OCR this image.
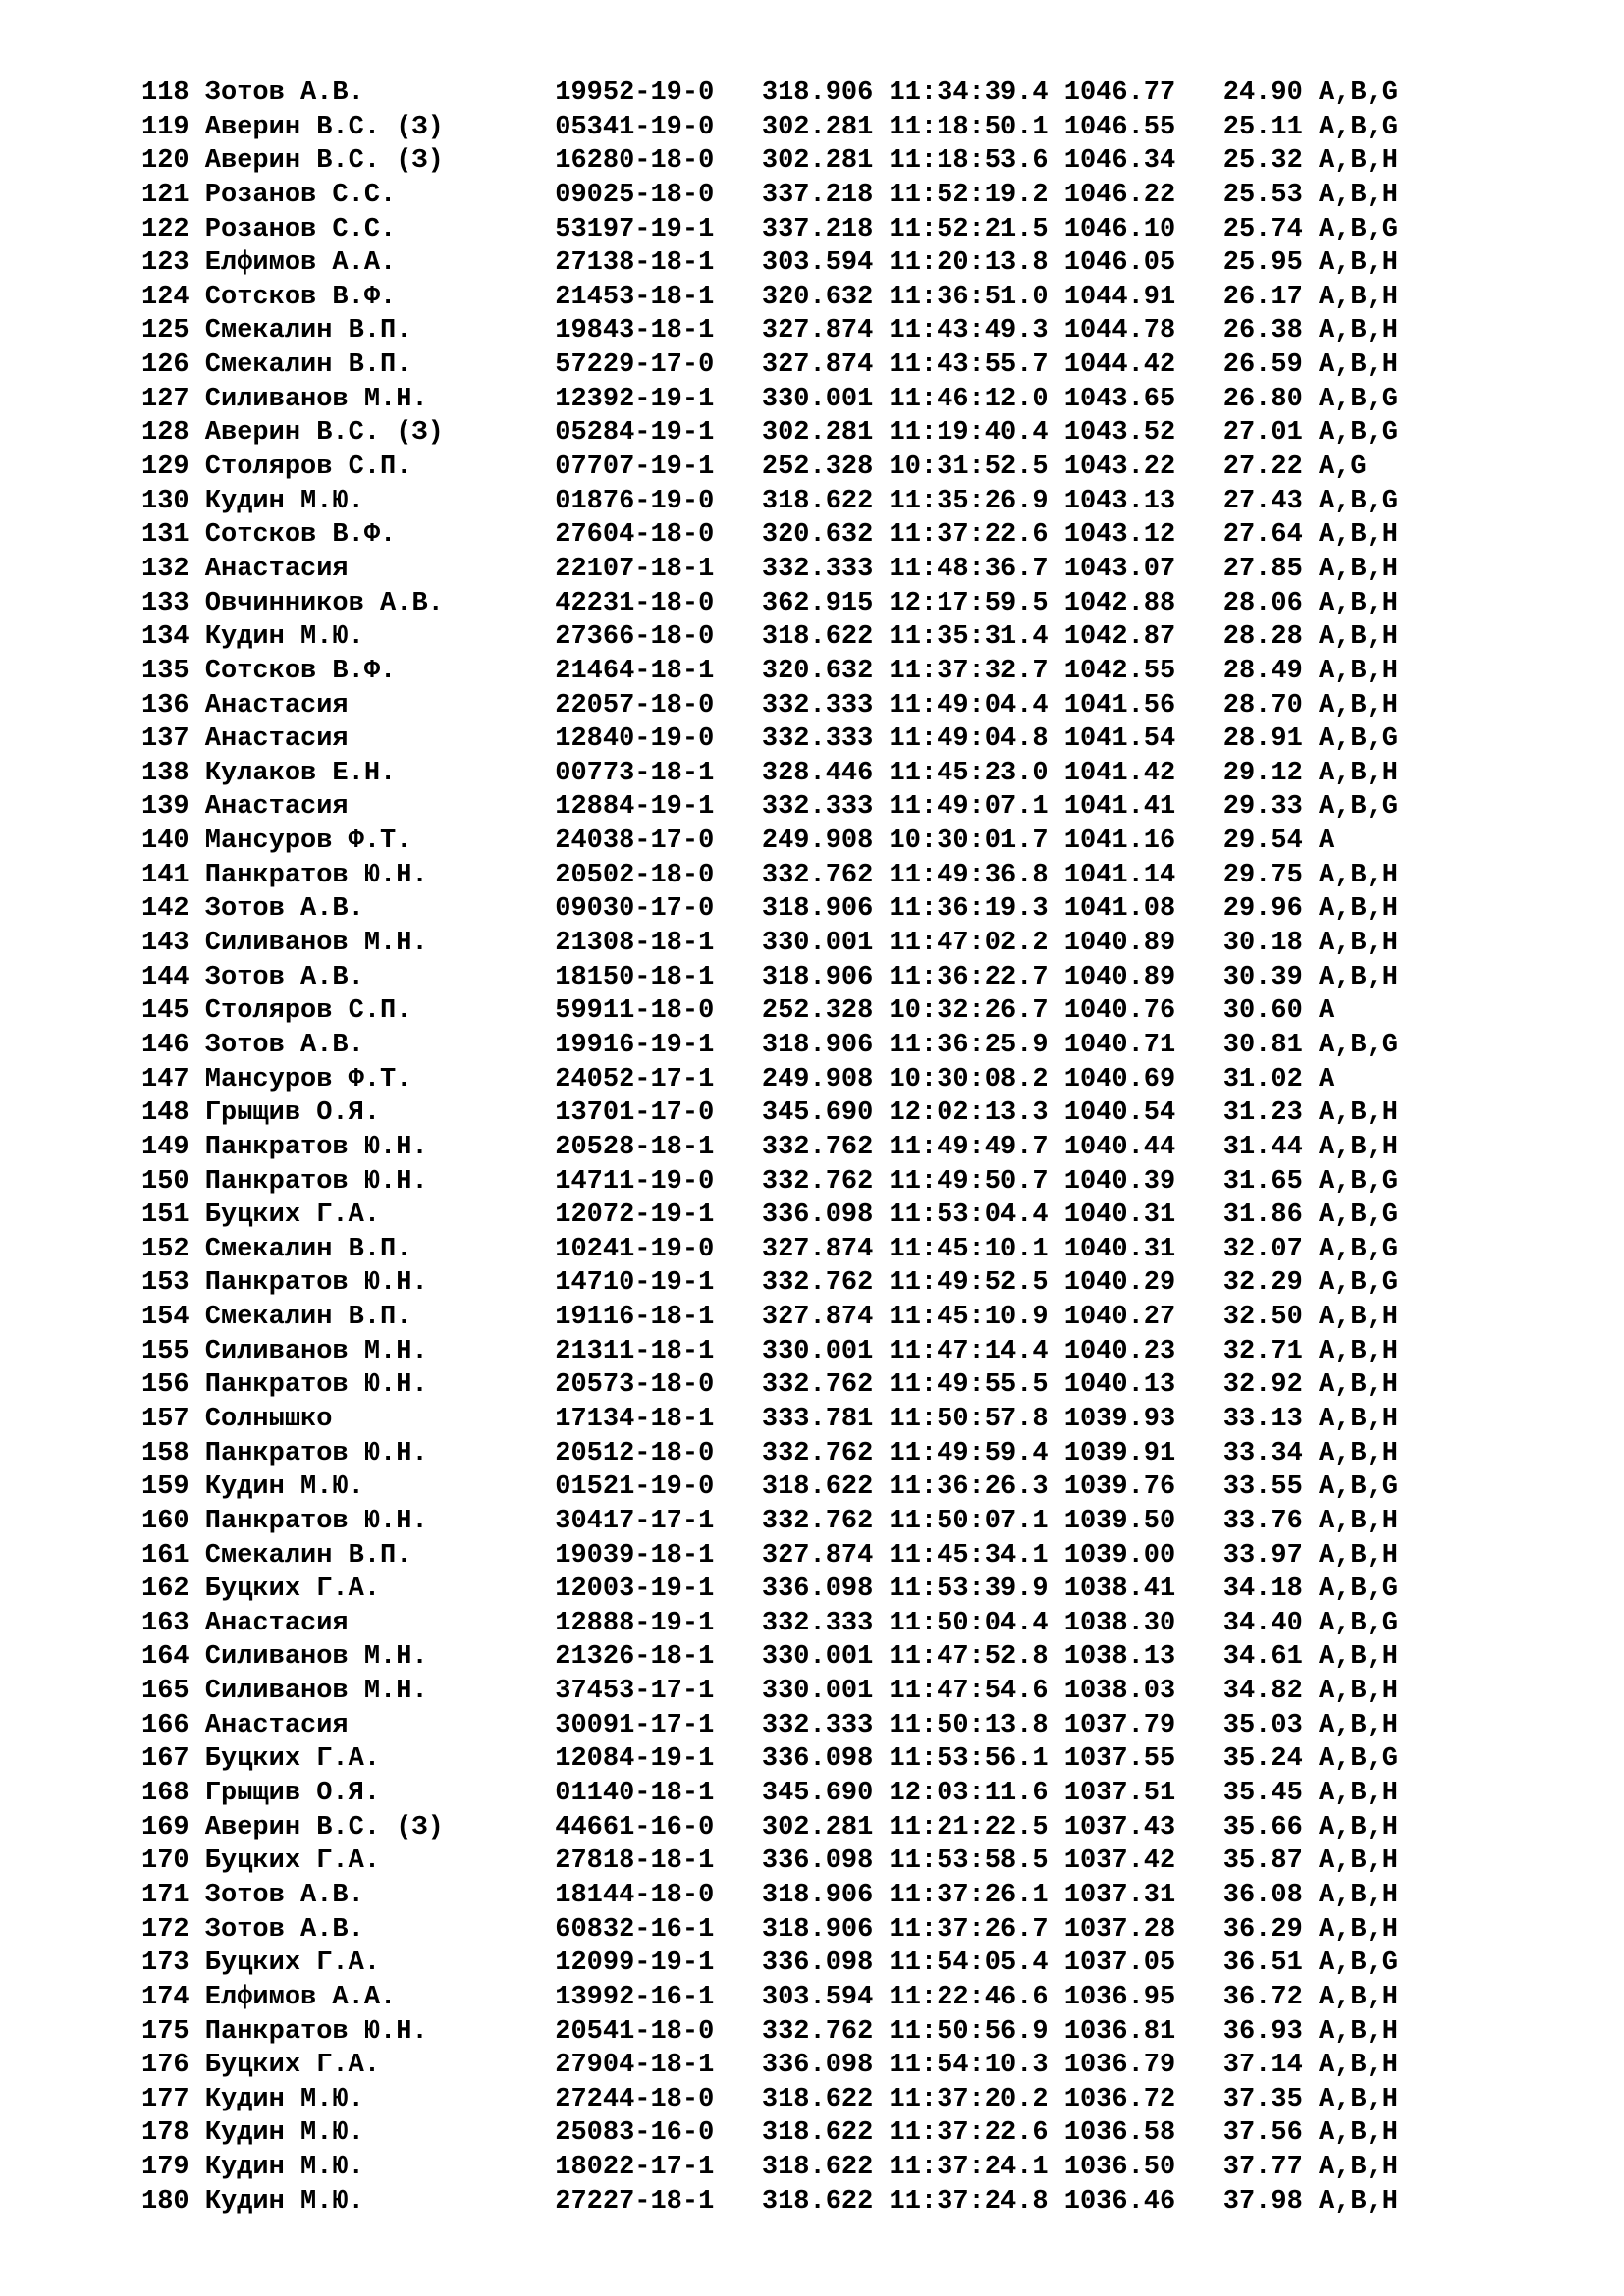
118 Зотов А.В.            19952-19-0   318.906 11:34:39.4 1046.77   24.90 A,B,G
119 Аверин В.С. (З)       05341-19-0   302.281 11:18:50.1 1046.55   25.11 A,B,G
120 Аверин В.С. (З)       16280-18-0   302.281 11:18:53.6 1046.34   25.32 A,B,H
121 Розанов С.С.          09025-18-0   337.218 11:52:19.2 1046.22   25.53 A,B,H
122 Розанов С.С.          53197-19-1   337.218 11:52:21.5 1046.10   25.74 A,B,G
123 Елфимов А.А.          27138-18-1   303.594 11:20:13.8 1046.05   25.95 A,B,H
124 Сотсков В.Ф.          21453-18-1   320.632 11:36:51.0 1044.91   26.17 A,B,H
125 Смекалин В.П.         19843-18-1   327.874 11:43:49.3 1044.78   26.38 A,B,H
126 Смекалин В.П.         57229-17-0   327.874 11:43:55.7 1044.42   26.59 A,B,H
127 Силиванов М.Н.        12392-19-1   330.001 11:46:12.0 1043.65   26.80 A,B,G
128 Аверин В.С. (З)       05284-19-1   302.281 11:19:40.4 1043.52   27.01 A,B,G
129 Столяров С.П.         07707-19-1   252.328 10:31:52.5 1043.22   27.22 A,G
130 Кудин М.Ю.            01876-19-0   318.622 11:35:26.9 1043.13   27.43 A,B,G
131 Сотсков В.Ф.          27604-18-0   320.632 11:37:22.6 1043.12   27.64 A,B,H
132 Анастасия             22107-18-1   332.333 11:48:36.7 1043.07   27.85 A,B,H
133 Овчинников А.В.       42231-18-0   362.915 12:17:59.5 1042.88   28.06 A,B,H
134 Кудин М.Ю.            27366-18-0   318.622 11:35:31.4 1042.87   28.28 A,B,H
135 Сотсков В.Ф.          21464-18-1   320.632 11:37:32.7 1042.55   28.49 A,B,H
136 Анастасия             22057-18-0   332.333 11:49:04.4 1041.56   28.70 A,B,H
137 Анастасия             12840-19-0   332.333 11:49:04.8 1041.54   28.91 A,B,G
138 Кулаков Е.Н.          00773-18-1   328.446 11:45:23.0 1041.42   29.12 A,B,H
139 Анастасия             12884-19-1   332.333 11:49:07.1 1041.41   29.33 A,B,G
140 Мансуров Ф.Т.         24038-17-0   249.908 10:30:01.7 1041.16   29.54 A
141 Панкратов Ю.Н.        20502-18-0   332.762 11:49:36.8 1041.14   29.75 A,B,H
142 Зотов А.В.            09030-17-0   318.906 11:36:19.3 1041.08   29.96 A,B,H
143 Силиванов М.Н.        21308-18-1   330.001 11:47:02.2 1040.89   30.18 A,B,H
144 Зотов А.В.            18150-18-1   318.906 11:36:22.7 1040.89   30.39 A,B,H
145 Столяров С.П.         59911-18-0   252.328 10:32:26.7 1040.76   30.60 A
146 Зотов А.В.            19916-19-1   318.906 11:36:25.9 1040.71   30.81 A,B,G
147 Мансуров Ф.Т.         24052-17-1   249.908 10:30:08.2 1040.69   31.02 A
148 Грыщив О.Я.           13701-17-0   345.690 12:02:13.3 1040.54   31.23 A,B,H
149 Панкратов Ю.Н.        20528-18-1   332.762 11:49:49.7 1040.44   31.44 A,B,H
150 Панкратов Ю.Н.        14711-19-0   332.762 11:49:50.7 1040.39   31.65 A,B,G
151 Буцких Г.А.           12072-19-1   336.098 11:53:04.4 1040.31   31.86 A,B,G
152 Смекалин В.П.         10241-19-0   327.874 11:45:10.1 1040.31   32.07 A,B,G
153 Панкратов Ю.Н.        14710-19-1   332.762 11:49:52.5 1040.29   32.29 A,B,G
154 Смекалин В.П.         19116-18-1   327.874 11:45:10.9 1040.27   32.50 A,B,H
155 Силиванов М.Н.        21311-18-1   330.001 11:47:14.4 1040.23   32.71 A,B,H
156 Панкратов Ю.Н.        20573-18-0   332.762 11:49:55.5 1040.13   32.92 A,B,H
157 Солнышко              17134-18-1   333.781 11:50:57.8 1039.93   33.13 A,B,H
158 Панкратов Ю.Н.        20512-18-0   332.762 11:49:59.4 1039.91   33.34 A,B,H
159 Кудин М.Ю.            01521-19-0   318.622 11:36:26.3 1039.76   33.55 A,B,G
160 Панкратов Ю.Н.        30417-17-1   332.762 11:50:07.1 1039.50   33.76 A,B,H
161 Смекалин В.П.         19039-18-1   327.874 11:45:34.1 1039.00   33.97 A,B,H
162 Буцких Г.А.           12003-19-1   336.098 11:53:39.9 1038.41   34.18 A,B,G
163 Анастасия             12888-19-1   332.333 11:50:04.4 1038.30   34.40 A,B,G
164 Силиванов М.Н.        21326-18-1   330.001 11:47:52.8 1038.13   34.61 A,B,H
165 Силиванов М.Н.        37453-17-1   330.001 11:47:54.6 1038.03   34.82 A,B,H
166 Анастасия             30091-17-1   332.333 11:50:13.8 1037.79   35.03 A,B,H
167 Буцких Г.А.           12084-19-1   336.098 11:53:56.1 1037.55   35.24 A,B,G
168 Грыщив О.Я.           01140-18-1   345.690 12:03:11.6 1037.51   35.45 A,B,H
169 Аверин В.С. (З)       44661-16-0   302.281 11:21:22.5 1037.43   35.66 A,B,H
170 Буцких Г.А.           27818-18-1   336.098 11:53:58.5 1037.42   35.87 A,B,H
171 Зотов А.В.            18144-18-0   318.906 11:37:26.1 1037.31   36.08 A,B,H
172 Зотов А.В.            60832-16-1   318.906 11:37:26.7 1037.28   36.29 A,B,H
173 Буцких Г.А.           12099-19-1   336.098 11:54:05.4 1037.05   36.51 A,B,G
174 Елфимов А.А.          13992-16-1   303.594 11:22:46.6 1036.95   36.72 A,B,H
175 Панкратов Ю.Н.        20541-18-0   332.762 11:50:56.9 1036.81   36.93 A,B,H
176 Буцких Г.А.           27904-18-1   336.098 11:54:10.3 1036.79   37.14 A,B,H
177 Кудин М.Ю.            27244-18-0   318.622 11:37:20.2 1036.72   37.35 A,B,H
178 Кудин М.Ю.            25083-16-0   318.622 11:37:22.6 1036.58   37.56 A,B,H
179 Кудин М.Ю.            18022-17-1   318.622 11:37:24.1 1036.50   37.77 A,B,H
180 Кудин М.Ю.            27227-18-1   318.622 11:37:24.8 1036.46   37.98 A,B,H
